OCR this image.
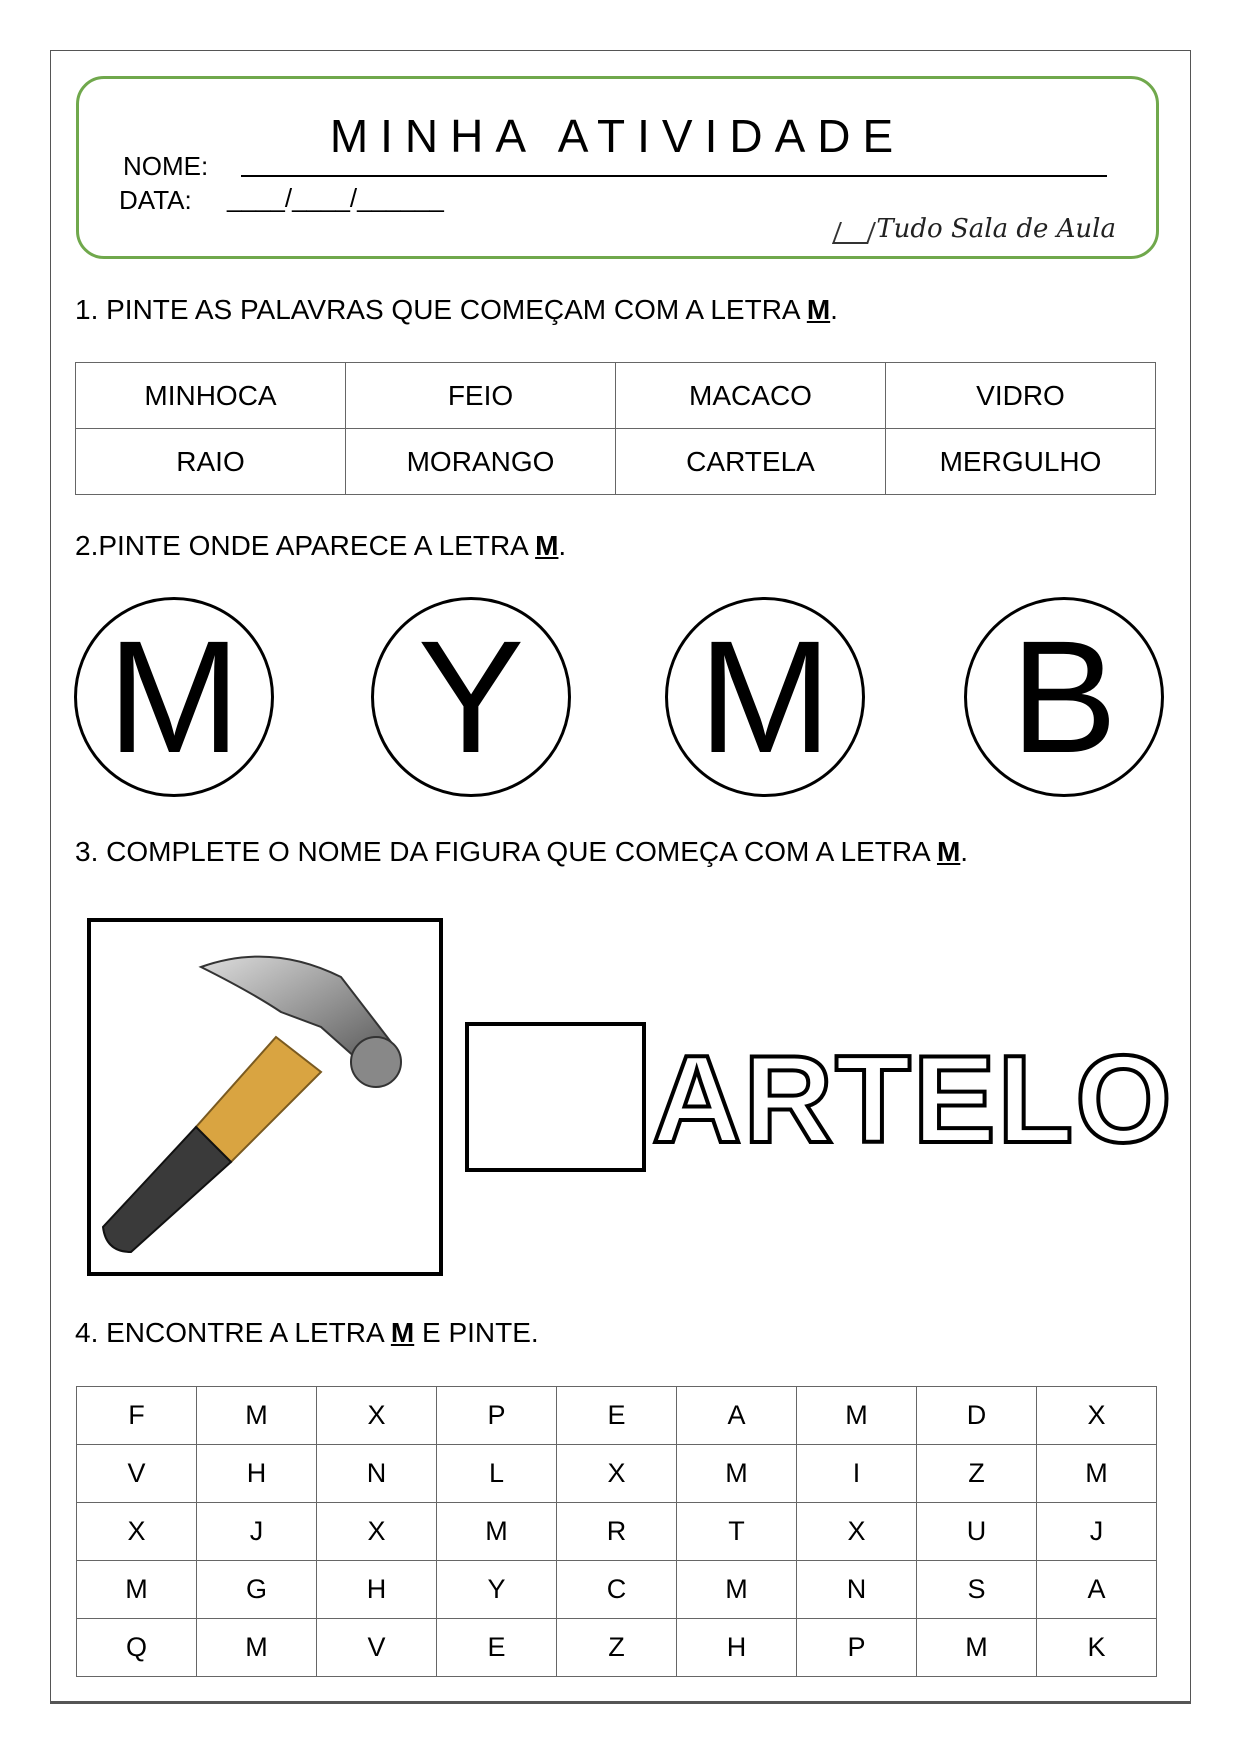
MINHA ATIVIDADE
NOME:
DATA: ____/____/______
Tudo Sala de Aula
1. PINTE AS PALAVRAS QUE COMEÇAM COM A LETRA M.
MINHOCA	FEIO	MACACO	VIDRO
RAIO	MORANGO	CARTELA	MERGULHO
2.PINTE ONDE APARECE A LETRA M.
M Y M B
3. COMPLETE O NOME DA FIGURA QUE COMEÇA COM A LETRA M.
ARTELO
4. ENCONTRE A LETRA M E PINTE.
F	M	X	P	E	A	M	D	X
V	H	N	L	X	M	I	Z	M
X	J	X	M	R	T	X	U	J
M	G	H	Y	C	M	N	S	A
Q	M	V	E	Z	H	P	M	K
